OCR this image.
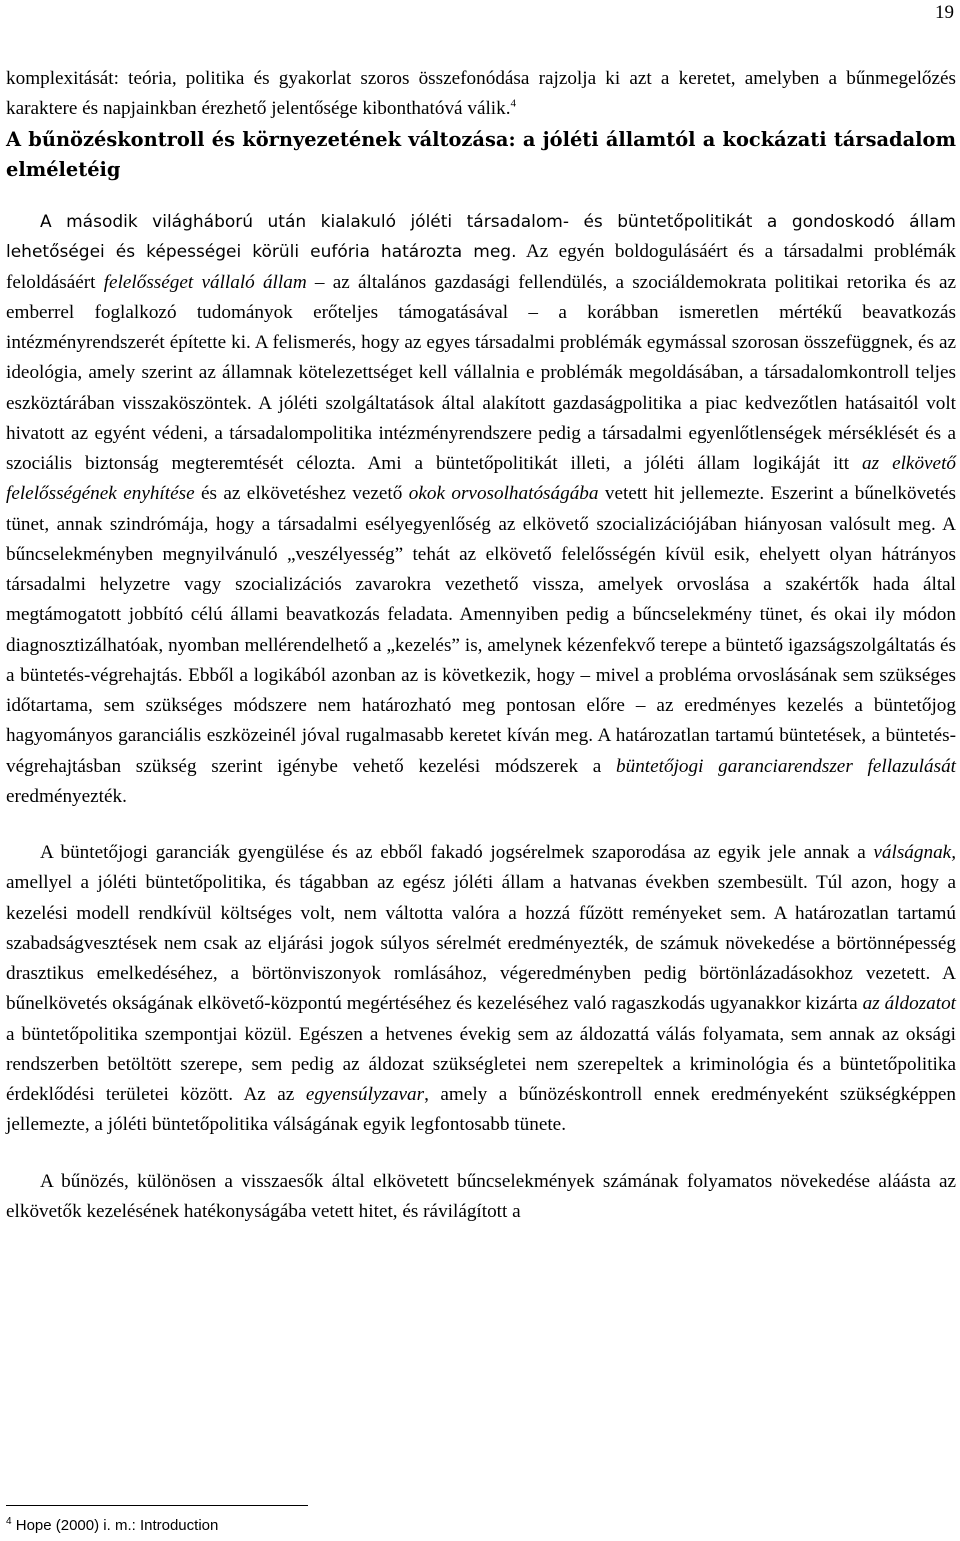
19

komplexitását: teória, politika és gyakorlat szoros összefonódása rajzolja ki azt a keretet, amelyben a bűnmegelőzés karaktere és napjainkban érezhető jelentősége kibonthatóvá válik.$^4$

A bűnözéskontroll és környezetének változása: a jóléti államtól a kockázati társadalom elméletéig

A második világháború után kialakuló jóléti társadalom- és büntetőpolitikát a gondoskodó állam lehetőségei és képességei körüli eufória határozta meg. Az egyén boldogulásáért és a társadalmi problémák feloldásáért felelősséget vállaló állam – az általános gazdasági fellendülés, a szociáldemokrata politikai retorika és az emberrel foglalkozó tudományok erőteljes támogatásával – a korábban ismeretlen mértékű beavatkozás intézményrendszerét építette ki. A felismerés, hogy az egyes társadalmi problémák egymással szorosan összefüggnek, és az ideológia, amely szerint az államnak kötelezettséget kell vállalnia e problémák megoldásában, a társadalomkontroll teljes eszköztárában visszaköszöntek. A jóléti szolgáltatások által alakított gazdaságpolitika a piac kedvezőtlen hatásaitól volt hivatott az egyént védeni, a társadalompolitika intézményrendszere pedig a társadalmi egyenlőtlenségek mérséklését és a szociális biztonság megteremtését célozta. Ami a büntetőpolitikát illeti, a jóléti állam logikáját itt az elkövető felelősségének enyhítése és az elkövetéshez vezető okok orvosolhatóságába vetett hit jellemezte. Eszerint a bűnelkövetés tünet, annak szindrómája, hogy a társadalmi esélyegyenlőség az elkövető szocializációjában hiányosan valósult meg. A bűncselekményben megnyilvánuló „veszélyesség” tehát az elkövető felelősségén kívül esik, ehelyett olyan hátrányos társadalmi helyzetre vagy szocializációs zavarokra vezethető vissza, amelyek orvoslása a szakértők hada által megtámogatott jobbító célú állami beavatkozás feladata. Amennyiben pedig a bűncselekmény tünet, és okai ily módon diagnosztizálhatóak, nyomban mellérendelhető a „kezelés” is, amelynek kézenfekvő terepe a büntető igazságszolgáltatás és a büntetés-végrehajtás. Ebből a logikából azonban az is következik, hogy – mivel a probléma orvoslásának sem szükséges időtartama, sem szükséges módszere nem határozható meg pontosan előre – az eredményes kezelés a büntetőjog hagyományos garanciális eszközeinél jóval rugalmasabb keretet kíván meg. A határozatlan tartamú büntetések, a büntetés-végrehajtásban szükség szerint igénybe vehető kezelési módszerek a büntetőjogi garanciarendszer fellazulását eredményezték.

A büntetőjogi garanciák gyengülése és az ebből fakadó jogsérelmek szaporodása az egyik jele annak a válságnak, amellyel a jóléti büntetőpolitika, és tágabban az egész jóléti állam a hatvanas években szembesült. Túl azon, hogy a kezelési modell rendkívül költséges volt, nem váltotta valóra a hozzá fűzött reményeket sem. A határozatlan tartamú szabadságvesztések nem csak az eljárási jogok súlyos sérelmét eredményezték, de számuk növekedése a börtönnépesség drasztikus emelkedéséhez, a börtönviszonyok romlásához, végeredményben pedig börtönlázadásokhoz vezetett. A bűnelkövetés okságának elkövető-központú megértéséhez és kezeléséhez való ragaszkodás ugyanakkor kizárta az áldozatot a büntetőpolitika szempontjai közül. Egészen a hetvenes évekig sem az áldozattá válás folyamata, sem annak az oksági rendszerben betöltött szerepe, sem pedig az áldozat szükségletei nem szerepeltek a kriminológia és a büntetőpolitika érdeklődési területei között. Az az egyensúlyzavar, amely a bűnözéskontroll ennek eredményeként szükségképpen jellemezte, a jóléti büntetőpolitika válságának egyik legfontosabb tünete.

A bűnözés, különösen a visszaesők által elkövetett bűncselekmények számának folyamatos növekedése aláásta az elkövetők kezelésének hatékonyságába vetett hitet, és rávilágított a

$^4$ Hope (2000) i. m.: Introduction
